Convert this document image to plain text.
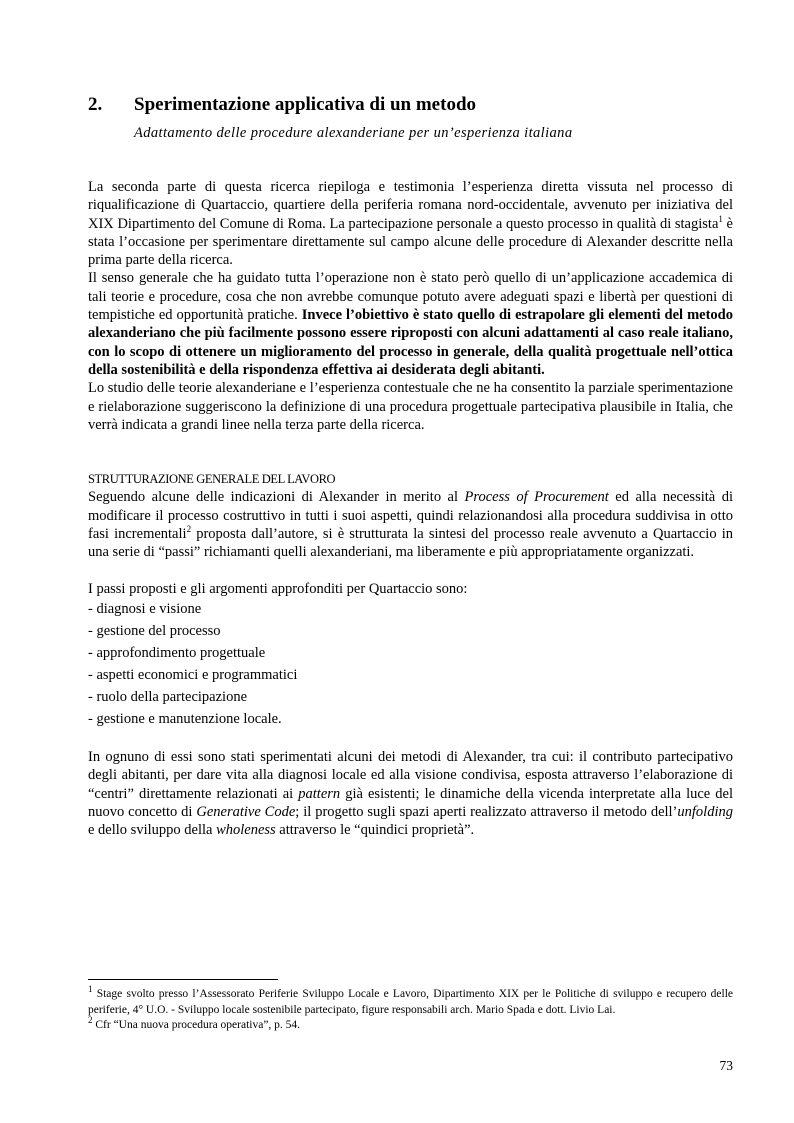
2. Sperimentazione applicativa di un metodo
Adattamento delle procedure alexanderiane per un’esperienza italiana

La seconda parte di questa ricerca riepiloga e testimonia l’esperienza diretta vissuta nel processo di riqualificazione di Quartaccio, quartiere della periferia romana nord-occidentale, avvenuto per iniziativa del XIX Dipartimento del Comune di Roma. La partecipazione personale a questo processo in qualità di stagista$^1$ è stata l’occasione per sperimentare direttamente sul campo alcune delle procedure di Alexander descritte nella prima parte della ricerca.

Il senso generale che ha guidato tutta l’operazione non è stato però quello di un’applicazione accademica di tali teorie e procedure, cosa che non avrebbe comunque potuto avere adeguati spazi e libertà per questioni di tempistiche ed opportunità pratiche. Invece l’obiettivo è stato quello di estrapolare gli elementi del metodo alexanderiano che più facilmente possono essere riproposti con alcuni adattamenti al caso reale italiano, con lo scopo di ottenere un miglioramento del processo in generale, della qualità progettuale nell’ottica della sostenibilità e della rispondenza effettiva ai desiderata degli abitanti.

Lo studio delle teorie alexanderiane e l’esperienza contestuale che ne ha consentito la parziale sperimentazione e rielaborazione suggeriscono la definizione di una procedura progettuale partecipativa plausibile in Italia, che verrà indicata a grandi linee nella terza parte della ricerca.

STRUTTURAZIONE GENERALE DEL LAVORO

Seguendo alcune delle indicazioni di Alexander in merito al Process of Procurement ed alla necessità di modificare il processo costruttivo in tutti i suoi aspetti, quindi relazionandosi alla procedura suddivisa in otto fasi incrementali$^2$ proposta dall’autore, si è strutturata la sintesi del processo reale avvenuto a Quartaccio in una serie di “passi” richiamanti quelli alexanderiani, ma liberamente e più appropriatamente organizzati.

I passi proposti e gli argomenti approfonditi per Quartaccio sono:

- diagnosi e visione
- gestione del processo
- approfondimento progettuale
- aspetti economici e programmatici
- ruolo della partecipazione
- gestione e manutenzione locale.

In ognuno di essi sono stati sperimentati alcuni dei metodi di Alexander, tra cui: il contributo partecipativo degli abitanti, per dare vita alla diagnosi locale ed alla visione condivisa, esposta attraverso l’elaborazione di “centri” direttamente relazionati ai pattern già esistenti; le dinamiche della vicenda interpretate alla luce del nuovo concetto di Generative Code; il progetto sugli spazi aperti realizzato attraverso il metodo dell’unfolding e dello sviluppo della wholeness attraverso le “quindici proprietà”.

$^1$ Stage svolto presso l’Assessorato Periferie Sviluppo Locale e Lavoro, Dipartimento XIX per le Politiche di sviluppo e recupero delle periferie, 4° U.O. - Sviluppo locale sostenibile partecipato, figure responsabili arch. Mario Spada e dott. Livio Lai.

$^2$ Cfr “Una nuova procedura operativa”, p. 54.

73
